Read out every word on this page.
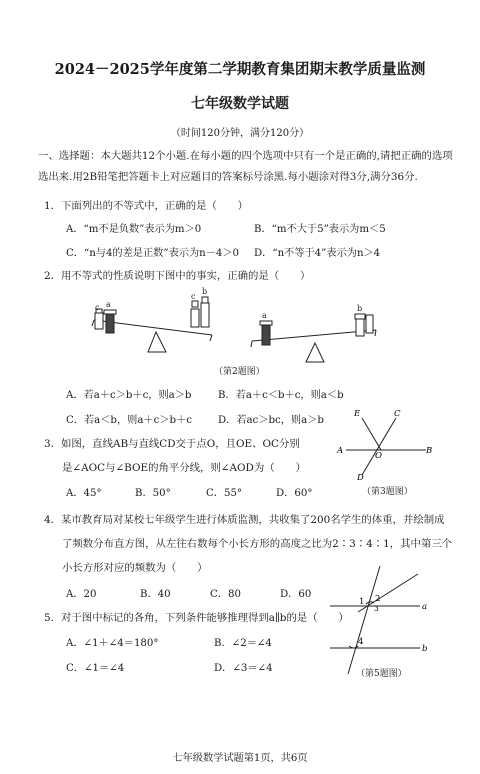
2024－2025学年度第二学期教育集团期末教学质量监测
七年级数学试题
（时间120分钟，满分120分）
一、选择题：本大题共12个小题.在每小题的四个选项中只有一个是正确的,请把正确的选项
选出来.用2B铅笔把答题卡上对应题目的答案标号涂黑.每小题涂对得3分,满分36分.
1．下面列出的不等式中，正确的是（　　）
A．“m不是负数”表示为m＞0	B．“m不大于5”表示为m＜5
C．“n与4的差是正数”表示为n－4＞0 D．“n不等于4”表示为n＞4
2．用不等式的性质说明下图中的事实，正确的是（　　）
c a
c
b
a
b
（第2题图）
A．若a＋c＞b＋c，则a＞b	B．若a＋c＜b＋c，则a＜b
C．若a＜b，则a＋c＞b＋c	D．若ac＞bc，则a＞b
3．如图，直线AB与直线CD交于点O，且OE、OC分别
是∠AOC与∠BOE的角平分线，则∠AOD为（　　）
A．45°	B．50°	C．55°	D．60°
E	C
A	O	B
D
（第3题图）
4．某市教育局对某校七年级学生进行体质监测，共收集了200名学生的体重，并绘制成
了频数分布直方图，从左往右数每个小长方形的高度之比为2∶3∶4∶1，其中第三个
小长方形对应的频数为（　　）
A．20	B．40	C．80	D．60
5．对于图中标记的各角，下列条件能够推理得到a∥b的是（　　）
A．∠1＋∠4＝180°	B．∠2＝∠4
C．∠1＝∠4	D．∠3＝∠4
1 2
3
4
a
b
（第5题图）
七年级数学试题第1页，共6页
